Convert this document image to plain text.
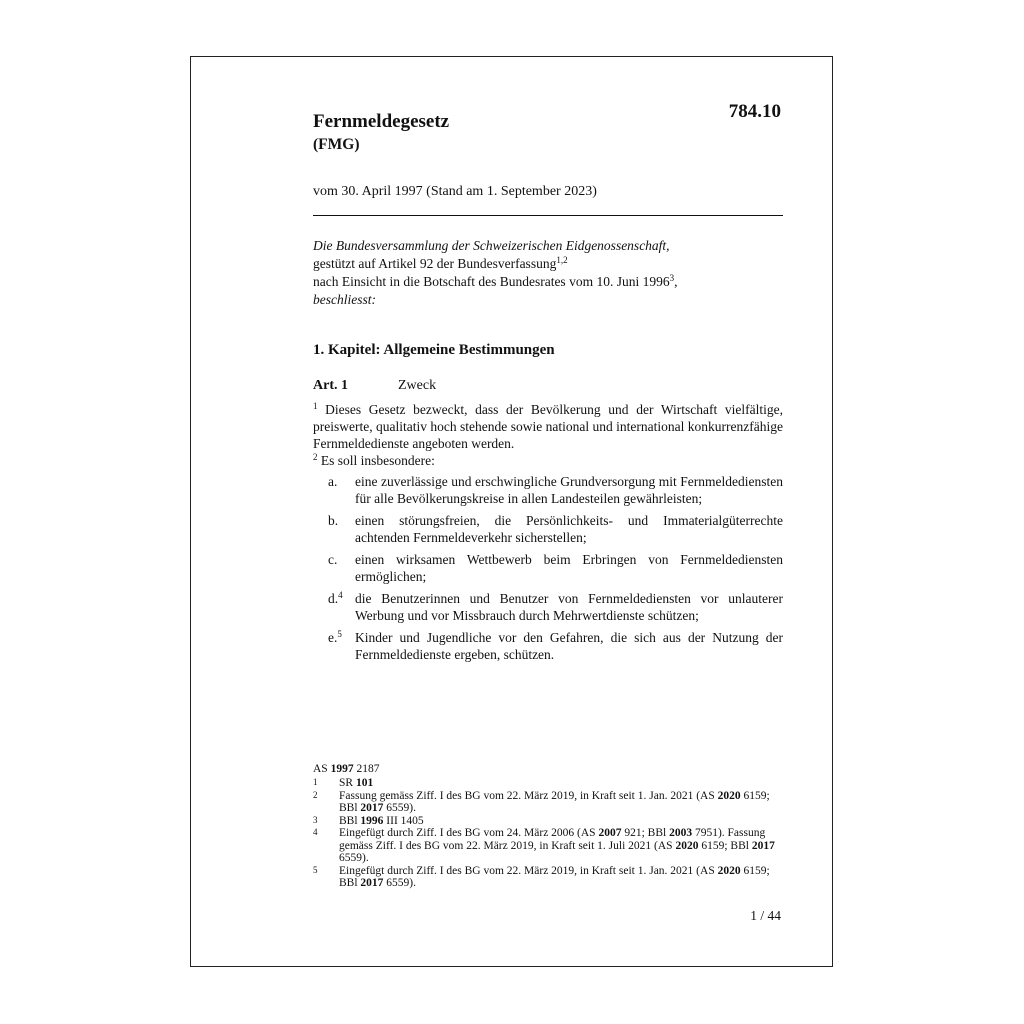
Fernmeldegesetz
(FMG)
784.10
vom 30. April 1997 (Stand am 1. September 2023)
Die Bundesversammlung der Schweizerischen Eidgenossenschaft,
gestützt auf Artikel 92 der Bundesverfassung$^{1,2}$
nach Einsicht in die Botschaft des Bundesrates vom 10. Juni 1996$^3$,
beschliesst:
1. Kapitel: Allgemeine Bestimmungen
Art. 1	Zweck
$^1$ Dieses Gesetz bezweckt, dass der Bevölkerung und der Wirtschaft vielfältige, preiswerte, qualitativ hoch stehende sowie national und international konkurrenzfähige Fernmeldedienste angeboten werden.
$^2$ Es soll insbesondere:
a.	eine zuverlässige und erschwingliche Grundversorgung mit Fernmeldediensten für alle Bevölkerungskreise in allen Landesteilen gewährleisten;
b.	einen störungsfreien, die Persönlichkeits- und Immaterialgüterrechte achtenden Fernmeldeverkehr sicherstellen;
c.	einen wirksamen Wettbewerb beim Erbringen von Fernmeldediensten ermöglichen;
d.$^4$ die Benutzerinnen und Benutzer von Fernmeldediensten vor unlauterer Werbung und vor Missbrauch durch Mehrwertdienste schützen;
e.$^5$ Kinder und Jugendliche vor den Gefahren, die sich aus der Nutzung der Fernmeldedienste ergeben, schützen.
AS 1997 2187
1	SR 101
2	Fassung gemäss Ziff. I des BG vom 22. März 2019, in Kraft seit 1. Jan. 2021 (AS 2020 6159; BBl 2017 6559).
3	BBl 1996 III 1405
4	Eingefügt durch Ziff. I des BG vom 24. März 2006 (AS 2007 921; BBl 2003 7951). Fassung gemäss Ziff. I des BG vom 22. März 2019, in Kraft seit 1. Juli 2021 (AS 2020 6159; BBl 2017 6559).
5	Eingefügt durch Ziff. I des BG vom 22. März 2019, in Kraft seit 1. Jan. 2021 (AS 2020 6159; BBl 2017 6559).
1 / 44
